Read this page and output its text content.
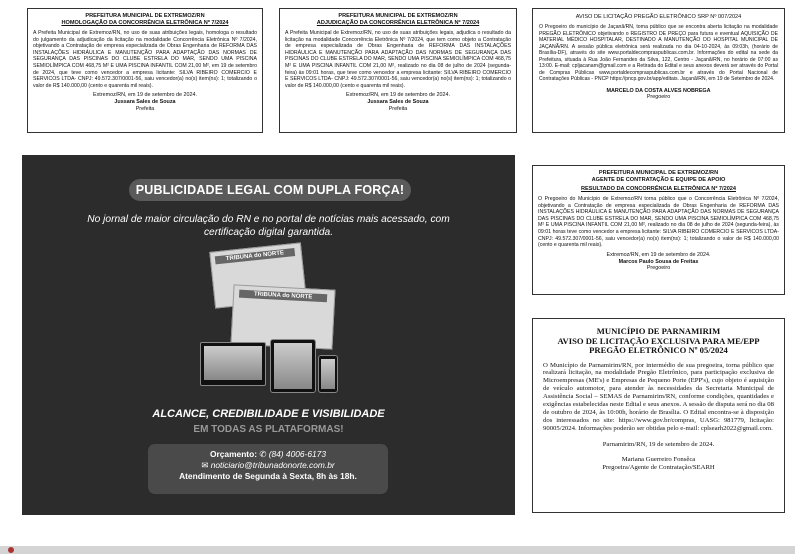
PREFEITURA MUNICIPAL DE EXTREMOZ/RN
HOMOLOGAÇÃO DA CONCORRÊNCIA ELETRÔNICA Nº 7/2024
A Prefeita Municipal de Extremoz/RN, no uso de suas atribuições legais, homologa o resultado do julgamento da adjudicação da licitação na modalidade Concorrência Eletrônica Nº 7/2024, objetivando a Contratação de empresa especializada de Obras Engenharia de REFORMA DAS INSTALAÇÕES HIDRÁULICA E MANUTENÇÃO PARA ADAPTAÇÃO DAS NORMAS DE SEGURANÇA DAS PISCINAS DO CLUBE ESTRELA DO MAR, SENDO UMA PISCINA SEMIOLÍMPICA COM 468,75 M² E UMA PISCINA INFANTIL COM 21,00 M², em 19 de setembro de 2024, que teve como vencedor a empresa licitante: SILVA RIBEIRO COMERCIO E SERVICOS LTDA- CNPJ: 49.572.307/0001-56, saiu vencedor(a) no(s) item(ns): 1; totalizando o valor de R$ 140.000,00 (cento e quarenta mil reais).
Extremoz/RN, em 19 de setembro de 2024.
Jussara Sales de Souza
Prefeita
PREFEITURA MUNICIPAL DE EXTREMOZ/RN
ADJUDICAÇÃO DA CONCORRÊNCIA ELETRÔNICA Nº 7/2024
A Prefeita Municipal de Extremoz/RN, no uso de suas atribuições legais, adjudica o resultado da licitação na modalidade Concorrência Eletrônica Nº 7/2024, que tem como objeto a Contratação de empresa especializada de Obras Engenharia de REFORMA DAS INSTALAÇÕES HIDRÁULICA E MANUTENÇÃO PARA ADAPTAÇÃO DAS NORMAS DE SEGURANÇA DAS PISCINAS DO CLUBE ESTRELA DO MAR, SENDO UMA PISCINA SEMIOLÍMPICA COM 468,75 M² E UMA PISCINA INFANTIL COM 21,00 M², realizado no dia 08 de julho de 2024 (segunda-feira) às 09:01 horas, que teve como vencedor a empresa licitante: SILVA RIBEIRO COMERCIO E SERVICOS LTDA- CNPJ: 49.572.307/0001-56, saiu vencedor(a) no(s) item(ns): 1; totalizando o valor de R$ 140.000,00 (cento e quarenta mil reais).
Extremoz/RN, em 19 de setembro de 2024.
Jussara Sales de Souza
Prefeita
AVISO DE LICITAÇÃO PREGÃO ELETRÔNICO SRP Nº 007/2024
O Pregoeiro do município de Jaçanã/RN, torna público que se encontra aberta licitação na modalidade PREGÃO ELETRÔNICO objetivando o REGISTRO DE PREÇO para futura e eventual AQUISIÇÃO DE MATERIAL MÉDICO HOSPITALAR, DESTINADO A MANUTENÇÃO DO HOSPITAL MUNICIPAL DE JAÇANÃ/RN. A sessão pública eletrônica será realizada no dia 04-10-2024, às 09:03h, (horário de Brasília-DF), através do site www.portaldecompraspublicas.com.br. Informações do edital na sede da Prefeitura, situada à Rua João Fernandes da Silva, 122, Centro - Jaçanã/RN, no horário de 07:00 as 13:00. E-mail: cpljacanarn@gmail.com e a Retirada do Edital e seus anexos deverá ser através do Portal de Compras Públicas www.portaldecompraspublicas.com.br e através do Portal Nacional de Contratações Públicas - PNCP https://pncp.gov.br/app/editais. Jaçanã/RN, em 19 de Setembro de 2024.
MARCELO DA COSTA ALVES NOBREGA
Pregoeiro
PUBLICIDADE LEGAL COM DUPLA FORÇA!
No jornal de maior circulação do RN e no portal de notícias mais acessado, com certificação digital garantida.
TRIBUNA do NORTE
TRIBUNA do NORTE
ALCANCE, CREDIBILIDADE E VISIBILIDADE
EM TODAS AS PLATAFORMAS!
Orçamento: ✆ (84) 4006-6173
✉ noticiario@tribunadonorte.com.br
Atendimento de Segunda à Sexta, 8h às 18h.
PREFEITURA MUNICIPAL DE EXTREMOZ/RN
AGENTE DE CONTRATAÇÃO E EQUIPE DE APOIO
RESULTADO DA CONCORRÊNCIA ELETRÔNICA Nº 7/2024
O Pregoeiro do Município de Extremoz/RN torna público que o Concorrência Eletrônica Nº 7/2024, objetivando a Contratação de empresa especializada de Obras Engenharia de REFORMA DAS INSTALAÇÕES HIDRÁULICA E MANUTENÇÃO PARA ADAPTAÇÃO DAS NORMAS DE SEGURANÇA DAS PISCINAS DO CLUBE ESTRELA DO MAR, SENDO UMA PISCINA SEMIOLÍMPICA COM 468,75 M² E UMA PISCINA INFANTIL COM 21,00 M², realizado no dia 08 de julho de 2024 (segunda-feira), às 09:01 horas teve como vencedor a empresa licitante: SILVA RIBEIRO COMERCIO E SERVICOS LTDA- CNPJ: 49.572.307/0001-56, saiu vencedor(a) no(s) item(ns): 1; totalizando o valor de R$ 140.000,00 (cento e quarenta mil reais).
Extremoz/RN, em 19 de setembro de 2024.
Marcos Paulo Sousa de Freitas
Pregoeiro
MUNICÍPIO DE PARNAMIRIM
AVISO DE LICITAÇÃO EXCLUSIVA PARA ME/EPP
PREGÃO ELETRÔNICO Nº 05/2024
O Município de Parnamirim/RN, por intermédio de sua pregoeira, torna público que realizará licitação, na modalidade Pregão Eletrônico, para participação exclusiva de Microempresas (ME's) e Empresas de Pequeno Porte (EPP's), cujo objeto é aquisição de veículo automotor, para atender às necessidades da Secretaria Municipal de Assistência Social – SEMAS de Parnamirim/RN, conforme condições, quantidades e exigências estabelecidas neste Edital e seus anexos. A sessão de disputa será no dia 08 de outubro de 2024, às 10:00h, horário de Brasília. O Edital encontra-se à disposição dos interessados no site: https://www.gov.br/compras, UASG: 981779, licitação: 90005/2024. Informações poderão ser obtidas pelo e-mail: cplsearh2022@gmail.com.
Parnamirim/RN, 19 de setembro de 2024.
Mariana Guerreiro Fonsêca
Pregoeira/Agente de Contratação/SEARH
